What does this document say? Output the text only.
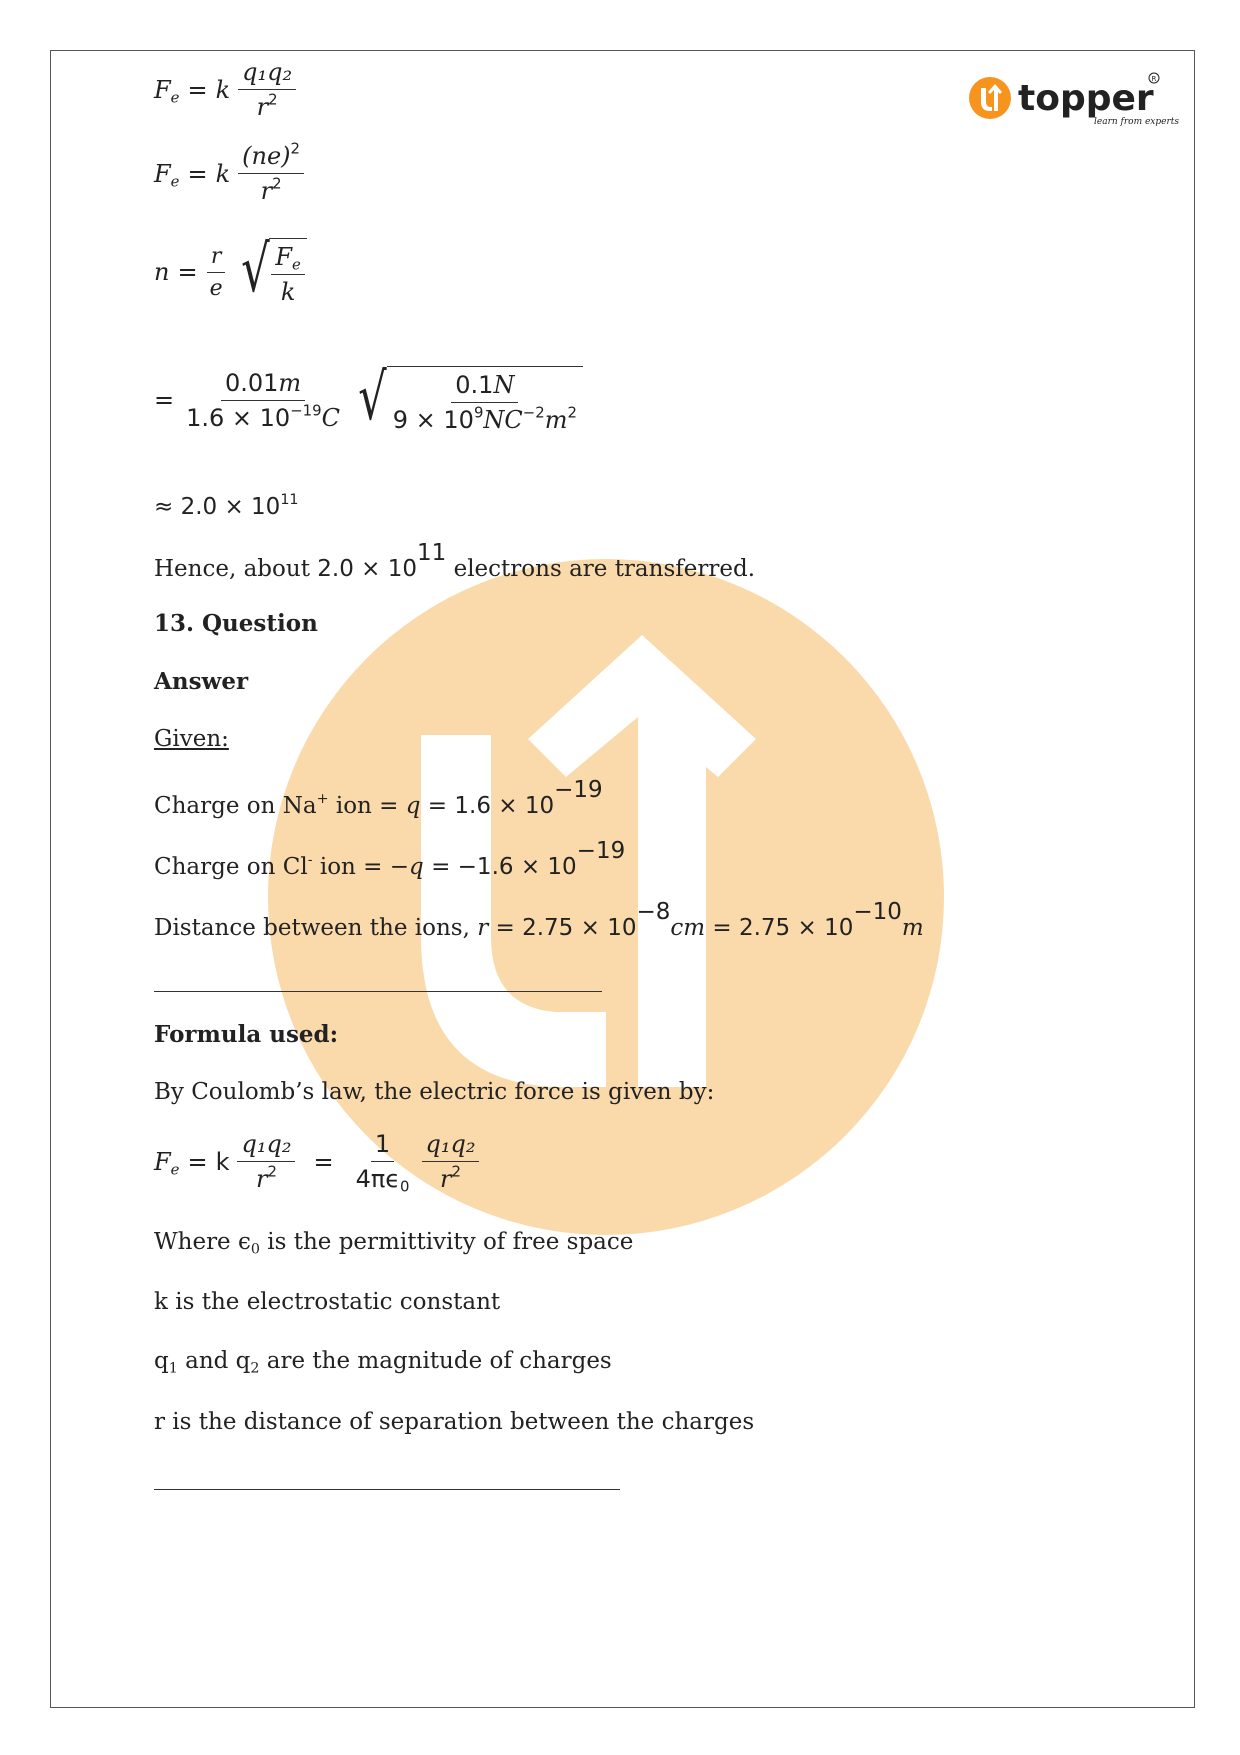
topper
learn from experts
R
$F_e = k \frac{\text{q₁q₂}}{r^2}$
$F_e = k \frac{(ne)^2}{r^2}$
$n = \frac{r}{e}$ √ $\frac{F_e}{k}$
= $\frac{0.01m}{1.6 \times 10^{-19}C}$ √ $\frac{0.1N}{9 \times 10^9NC^{-2}m^2}$
≈ $2.0 \times 10^{11}$
Hence, about $2.0 \times 10^{11}$ electrons are transferred.
13. Question
Answer
Given:
Charge on Na+ ion = $q = 1.6 \times 10^{-19}$
Charge on Cl- ion = $-q = -1.6 \times 10^{-19}$
Distance between the ions, $r = 2.75 \times 10^{-8}cm = 2.75 \times 10^{-10}m$
Formula used:
By Coulomb’s law, the electric force is given by:
$F_e = k \frac{\text{q₁q₂}}{r^2} = \frac{1}{4\pi\epsilon_0} \frac{\text{q₁q₂}}{r^2}$
Where $\epsilon_0$ is the permittivity of free space
k is the electrostatic constant
$q_1$ and $q_2$ are the magnitude of charges
r is the distance of separation between the charges
